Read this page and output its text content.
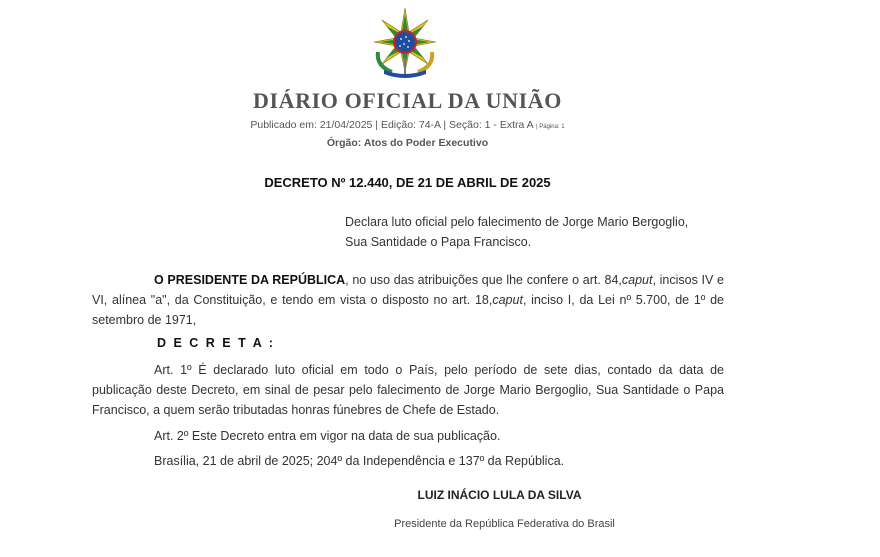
DIÁRIO OFICIAL DA UNIÃO
Publicado em: 21/04/2025 | Edição: 74-A | Seção: 1 - Extra A | Página: 1
Órgão: Atos do Poder Executivo
DECRETO Nº 12.440, DE 21 DE ABRIL DE 2025
Declara luto oficial pelo falecimento de Jorge Mario Bergoglio,
Sua Santidade o Papa Francisco.
O PRESIDENTE DA REPÚBLICA, no uso das atribuições que lhe confere o art. 84,caput, incisos IV e VI, alínea "a", da Constituição, e tendo em vista o disposto no art. 18,caput, inciso I, da Lei nº 5.700, de 1º de setembro de 1971,
D E C R E T A :
Art. 1º É declarado luto oficial em todo o País, pelo período de sete dias, contado da data de publicação deste Decreto, em sinal de pesar pelo falecimento de Jorge Mario Bergoglio, Sua Santidade o Papa Francisco, a quem serão tributadas honras fúnebres de Chefe de Estado.
Art. 2º Este Decreto entra em vigor na data de sua publicação.
Brasília, 21 de abril de 2025; 204º da Independência e 137º da República.
LUIZ INÁCIO LULA DA SILVA
Presidente da República Federativa do Brasil
